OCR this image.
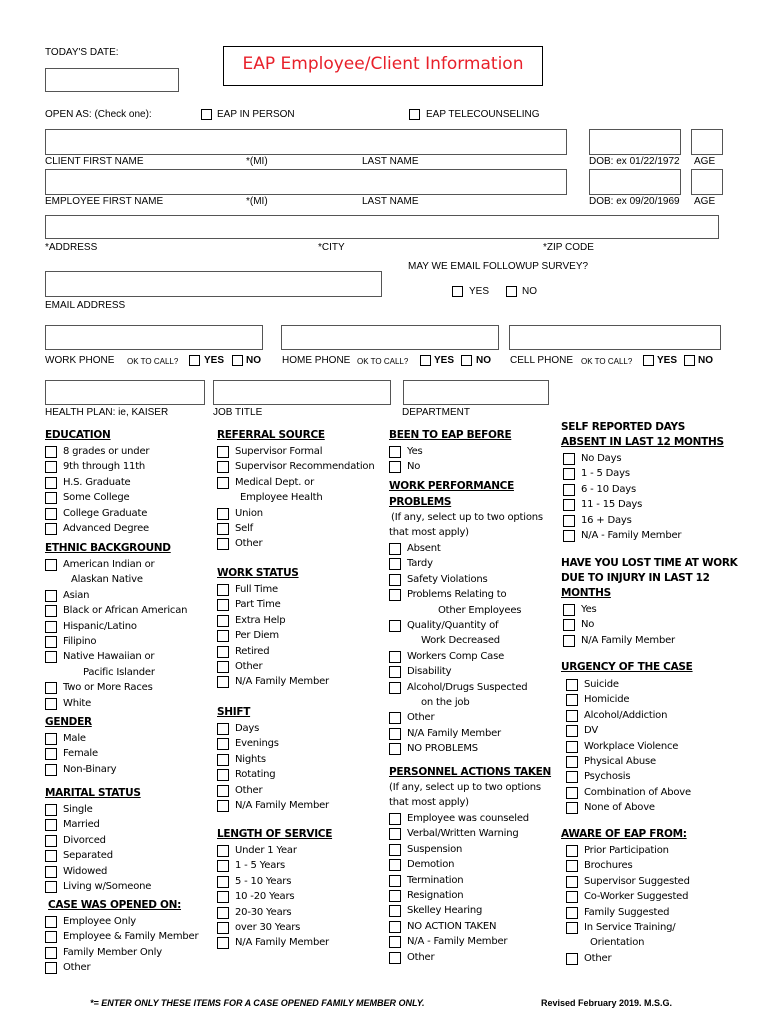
TODAY'S DATE:
EAP Employee/Client Information
OPEN AS: (Check one):	EAP IN PERSON	EAP TELECOUNSELING
CLIENT FIRST NAME	*(MI)	LAST NAME	DOB: ex 01/22/1972 AGE
EMPLOYEE FIRST NAME	*(MI)	LAST NAME	DOB: ex 09/20/1969 AGE
*ADDRESS	*CITY	*ZIP CODE
MAY WE EMAIL FOLLOWUP SURVEY?
YES	NO
EMAIL ADDRESS
WORK PHONE OK TO CALL?	YES NO HOME PHONE OK TO CALL?	YES NO CELL PHONE OK TO CALL? YES NO
HEALTH PLAN: ie, KAISER	JOB TITLE	DEPARTMENT
EDUCATION
8 grades or under
9th through 11th
H.S. Graduate
Some College
College Graduate
Advanced Degree
ETHNIC BACKGROUND
American Indian or
Alaskan Native
Asian
Black or African American
Hispanic/Latino
Filipino
Native Hawaiian or
Pacific Islander
Two or More Races
White
GENDER
Male
Female
Non-Binary
MARITAL STATUS
Single
Married
Divorced
Separated
Widowed
Living w/Someone
CASE WAS OPENED ON:
Employee Only
Employee & Family Member
Family Member Only
Other
REFERRAL SOURCE
Supervisor Formal
Supervisor Recommendation
Medical Dept. or
Employee Health
Union
Self
Other
WORK STATUS
Full Time
Part Time
Extra Help
Per Diem
Retired
Other
N/A Family Member
SHIFT
Days
Evenings
Nights
Rotating
Other
N/A Family Member
LENGTH OF SERVICE
Under 1 Year
1 - 5 Years
5 - 10 Years
10 -20 Years
20-30 Years
over 30 Years
N/A Family Member
BEEN TO EAP BEFORE
Yes
No
WORK PERFORMANCE
PROBLEMS
(If any, select up to two options
that most apply)
Absent
Tardy
Safety Violations
Problems Relating to
Other Employees
Quality/Quantity of
Work Decreased
Workers Comp Case
Disability
Alcohol/Drugs Suspected
on the job
Other
N/A Family Member
NO PROBLEMS
PERSONNEL ACTIONS TAKEN
(If any, select up to two options
that most apply)
Employee was counseled
Verbal/Written Warning
Suspension
Demotion
Termination
Resignation
Skelley Hearing
NO ACTION TAKEN
N/A - Family Member
Other
SELF REPORTED DAYS
ABSENT IN LAST 12 MONTHS
No Days
1 - 5 Days
6 - 10 Days
11 - 15 Days
16 + Days
N/A - Family Member
HAVE YOU LOST TIME AT WORK
DUE TO INJURY IN LAST 12
MONTHS
Yes
No
N/A Family Member
URGENCY OF THE CASE
Suicide
Homicide
Alcohol/Addiction
DV
Workplace Violence
Physical Abuse
Psychosis
Combination of Above
None of Above
AWARE OF EAP FROM:
Prior Participation
Brochures
Supervisor Suggested
Co-Worker Suggested
Family Suggested
In Service Training/
Orientation
Other
*= ENTER ONLY THESE ITEMS FOR A CASE OPENED FAMILY MEMBER ONLY.	Revised February 2019. M.S.G.
